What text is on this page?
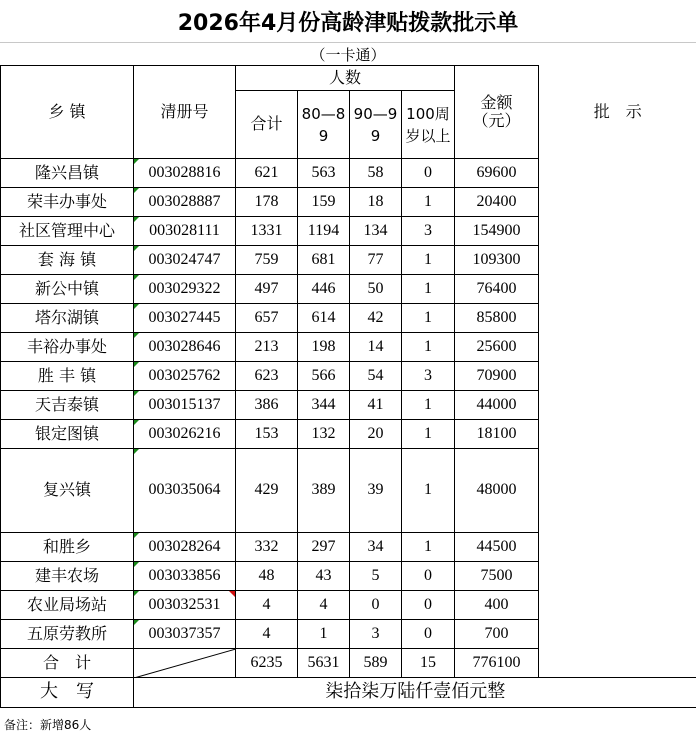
2026年4月份高龄津贴拨款批示单
（一卡通）
乡 镇	清册号	人数				金额（元）	批　示
		合计	80—89	90—99	100周岁以上		

隆兴昌镇	003028816	621	563	58	0	69600	
荣丰办事处	003028887	178	159	18	1	20400	
社区管理中心	003028111	1331	1194	134	3	154900	
套 海 镇	003024747	759	681	77	1	109300	
新公中镇	003029322	497	446	50	1	76400	
塔尔湖镇	003027445	657	614	42	1	85800	
丰裕办事处	003028646	213	198	14	1	25600	
胜 丰 镇	003025762	623	566	54	3	70900	
天吉泰镇	003015137	386	344	41	1	44000	
银定图镇	003026216	153	132	20	1	18100	
复兴镇	003035064	429	389	39	1	48000	
和胜乡	003028264	332	297	34	1	44500	
建丰农场	003033856	48	43	5	0	7500	
农业局场站	003032531	4	4	0	0	400	
五原劳教所	003037357	4	1	3	0	700	
合　计		6235	5631	589	15	776100	
大　写	柒拾柒万陆仟壹佰元整						
备注：新增86人
